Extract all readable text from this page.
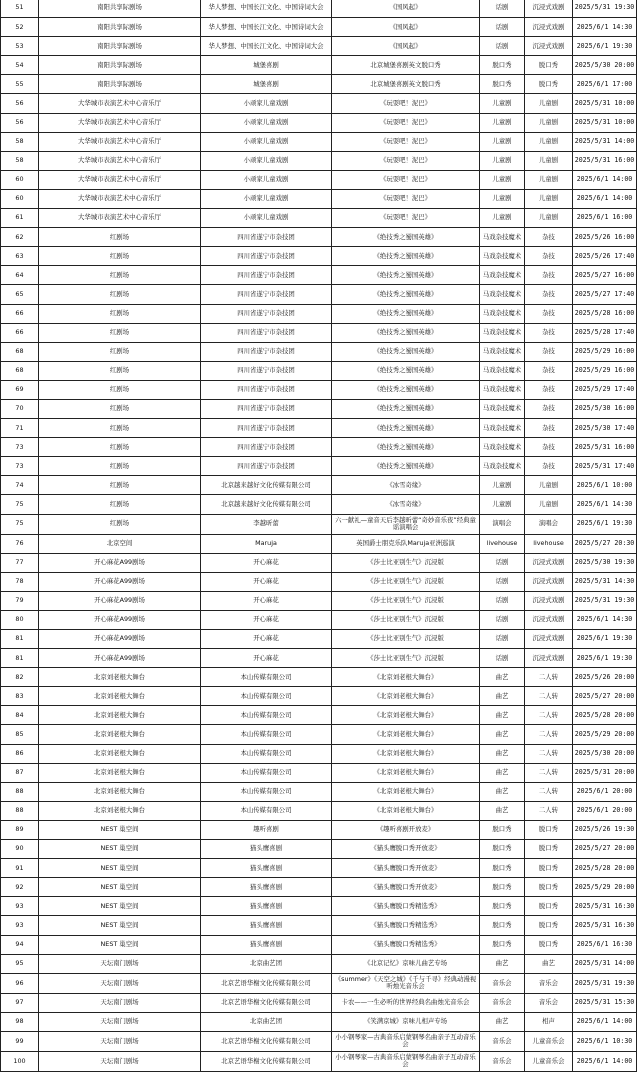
51	南阳共享际剧场	华人梦想、中国长江文化、中国诗词大会	《国风起》	话剧	沉浸式戏剧	2025/5/31 19:30
52	南阳共享际剧场	华人梦想、中国长江文化、中国诗词大会	《国风起》	话剧	沉浸式戏剧	2025/6/1 14:30
53	南阳共享际剧场	华人梦想、中国长江文化、中国诗词大会	《国风起》	话剧	沉浸式戏剧	2025/6/1 19:30
54	南阳共享际剧场	城堡喜剧	北京城堡喜剧英文脱口秀	脱口秀	脱口秀	2025/5/30 20:00
55	南阳共享际剧场	城堡喜剧	北京城堡喜剧英文脱口秀	脱口秀	脱口秀	2025/6/1 17:00
56	大华城市表演艺术中心音乐厅	小顽家儿童戏剧	《玩耍吧！泥巴》	儿童剧	儿童剧	2025/5/31 10:00
56	大华城市表演艺术中心音乐厅	小顽家儿童戏剧	《玩耍吧！泥巴》	儿童剧	儿童剧	2025/5/31 10:00
58	大华城市表演艺术中心音乐厅	小顽家儿童戏剧	《玩耍吧！泥巴》	儿童剧	儿童剧	2025/5/31 14:00
58	大华城市表演艺术中心音乐厅	小顽家儿童戏剧	《玩耍吧！泥巴》	儿童剧	儿童剧	2025/5/31 16:00
60	大华城市表演艺术中心音乐厅	小顽家儿童戏剧	《玩耍吧！泥巴》	儿童剧	儿童剧	2025/6/1 14:00
60	大华城市表演艺术中心音乐厅	小顽家儿童戏剧	《玩耍吧！泥巴》	儿童剧	儿童剧	2025/6/1 14:00
61	大华城市表演艺术中心音乐厅	小顽家儿童戏剧	《玩耍吧！泥巴》	儿童剧	儿童剧	2025/6/1 16:00
62	红剧场	四川省遂宁市杂技团	《绝技秀之蜀国英雄》	马戏杂技魔术	杂技	2025/5/26 16:00
63	红剧场	四川省遂宁市杂技团	《绝技秀之蜀国英雄》	马戏杂技魔术	杂技	2025/5/26 17:40
64	红剧场	四川省遂宁市杂技团	《绝技秀之蜀国英雄》	马戏杂技魔术	杂技	2025/5/27 16:00
65	红剧场	四川省遂宁市杂技团	《绝技秀之蜀国英雄》	马戏杂技魔术	杂技	2025/5/27 17:40
66	红剧场	四川省遂宁市杂技团	《绝技秀之蜀国英雄》	马戏杂技魔术	杂技	2025/5/28 16:00
66	红剧场	四川省遂宁市杂技团	《绝技秀之蜀国英雄》	马戏杂技魔术	杂技	2025/5/28 17:40
68	红剧场	四川省遂宁市杂技团	《绝技秀之蜀国英雄》	马戏杂技魔术	杂技	2025/5/29 16:00
68	红剧场	四川省遂宁市杂技团	《绝技秀之蜀国英雄》	马戏杂技魔术	杂技	2025/5/29 16:00
69	红剧场	四川省遂宁市杂技团	《绝技秀之蜀国英雄》	马戏杂技魔术	杂技	2025/5/29 17:40
70	红剧场	四川省遂宁市杂技团	《绝技秀之蜀国英雄》	马戏杂技魔术	杂技	2025/5/30 16:00
71	红剧场	四川省遂宁市杂技团	《绝技秀之蜀国英雄》	马戏杂技魔术	杂技	2025/5/30 17:40
73	红剧场	四川省遂宁市杂技团	《绝技秀之蜀国英雄》	马戏杂技魔术	杂技	2025/5/31 16:00
73	红剧场	四川省遂宁市杂技团	《绝技秀之蜀国英雄》	马戏杂技魔术	杂技	2025/5/31 17:40
74	红剧场	北京越来越好文化传媒有限公司	《冰雪奇缘》	儿童剧	儿童剧	2025/6/1 10:00
75	红剧场	北京越来越好文化传媒有限公司	《冰雪奇缘》	儿童剧	儿童剧	2025/6/1 14:30
75	红剧场	李越昕蕾	六一献礼—童音天后李越昕蕾“奇妙音乐夜”经典童谣演唱会	演唱会	演唱会	2025/6/1 19:30
76	北京空间	Maruja	英国爵士朋克乐队Maruja亚洲巡演	livehouse	livehouse	2025/5/27 20:30
77	开心麻花A99剧场	开心麻花	《莎士比亚别生气》沉浸版	话剧	沉浸式戏剧	2025/5/30 19:30
78	开心麻花A99剧场	开心麻花	《莎士比亚别生气》沉浸版	话剧	沉浸式戏剧	2025/5/31 14:30
79	开心麻花A99剧场	开心麻花	《莎士比亚别生气》沉浸版	话剧	沉浸式戏剧	2025/5/31 19:30
80	开心麻花A99剧场	开心麻花	《莎士比亚别生气》沉浸版	话剧	沉浸式戏剧	2025/6/1 14:30
81	开心麻花A99剧场	开心麻花	《莎士比亚别生气》沉浸版	话剧	沉浸式戏剧	2025/6/1 19:30
81	开心麻花A99剧场	开心麻花	《莎士比亚别生气》沉浸版	话剧	沉浸式戏剧	2025/6/1 19:30
82	北京刘老根大舞台	本山传媒有限公司	《北京刘老根大舞台》	曲艺	二人转	2025/5/26 20:00
83	北京刘老根大舞台	本山传媒有限公司	《北京刘老根大舞台》	曲艺	二人转	2025/5/27 20:00
84	北京刘老根大舞台	本山传媒有限公司	《北京刘老根大舞台》	曲艺	二人转	2025/5/28 20:00
85	北京刘老根大舞台	本山传媒有限公司	《北京刘老根大舞台》	曲艺	二人转	2025/5/29 20:00
86	北京刘老根大舞台	本山传媒有限公司	《北京刘老根大舞台》	曲艺	二人转	2025/5/30 20:00
87	北京刘老根大舞台	本山传媒有限公司	《北京刘老根大舞台》	曲艺	二人转	2025/5/31 20:00
88	北京刘老根大舞台	本山传媒有限公司	《北京刘老根大舞台》	曲艺	二人转	2025/6/1 20:00
88	北京刘老根大舞台	本山传媒有限公司	《北京刘老根大舞台》	曲艺	二人转	2025/6/1 20:00
89	NEST 巢空间	趣听喜剧	《趣听喜剧开放麦》	脱口秀	脱口秀	2025/5/26 19:30
90	NEST 巢空间	猫头鹰喜剧	《猫头鹰脱口秀开放麦》	脱口秀	脱口秀	2025/5/27 20:00
91	NEST 巢空间	猫头鹰喜剧	《猫头鹰脱口秀开放麦》	脱口秀	脱口秀	2025/5/28 20:00
92	NEST 巢空间	猫头鹰喜剧	《猫头鹰脱口秀开放麦》	脱口秀	脱口秀	2025/5/29 20:00
93	NEST 巢空间	猫头鹰喜剧	《猫头鹰脱口秀精选秀》	脱口秀	脱口秀	2025/5/31 16:30
93	NEST 巢空间	猫头鹰喜剧	《猫头鹰脱口秀精选秀》	脱口秀	脱口秀	2025/5/31 16:30
94	NEST 巢空间	猫头鹰喜剧	《猫头鹰脱口秀精选秀》	脱口秀	脱口秀	2025/6/1 16:30
95	天坛南门剧场	北京曲艺团	《北京记忆》京味儿曲艺专场	曲艺	曲艺	2025/5/31 14:00
96	天坛南门剧场	北京艺语华榭文化传媒有限公司	《summer》《天空之城》《千与千寻》经典动漫视听烛光音乐会	音乐会	音乐会	2025/5/31 19:30
97	天坛南门剧场	北京艺语华榭文化传媒有限公司	卡农——一生必听的世界经典名曲烛光音乐会	音乐会	音乐会	2025/5/31 15:30
98	天坛南门剧场	北京曲艺团	《笑满京城》京味儿相声专场	曲艺	相声	2025/6/1 14:00
99	天坛南门剧场	北京艺语华榭文化传媒有限公司	小小钢琴家—古典音乐启蒙钢琴名曲亲子互动音乐会	音乐会	儿童音乐会	2025/6/1 10:30
100	天坛南门剧场	北京艺语华榭文化传媒有限公司	小小钢琴家—古典音乐启蒙钢琴名曲亲子互动音乐会	音乐会	儿童音乐会	2025/6/1 14:00
